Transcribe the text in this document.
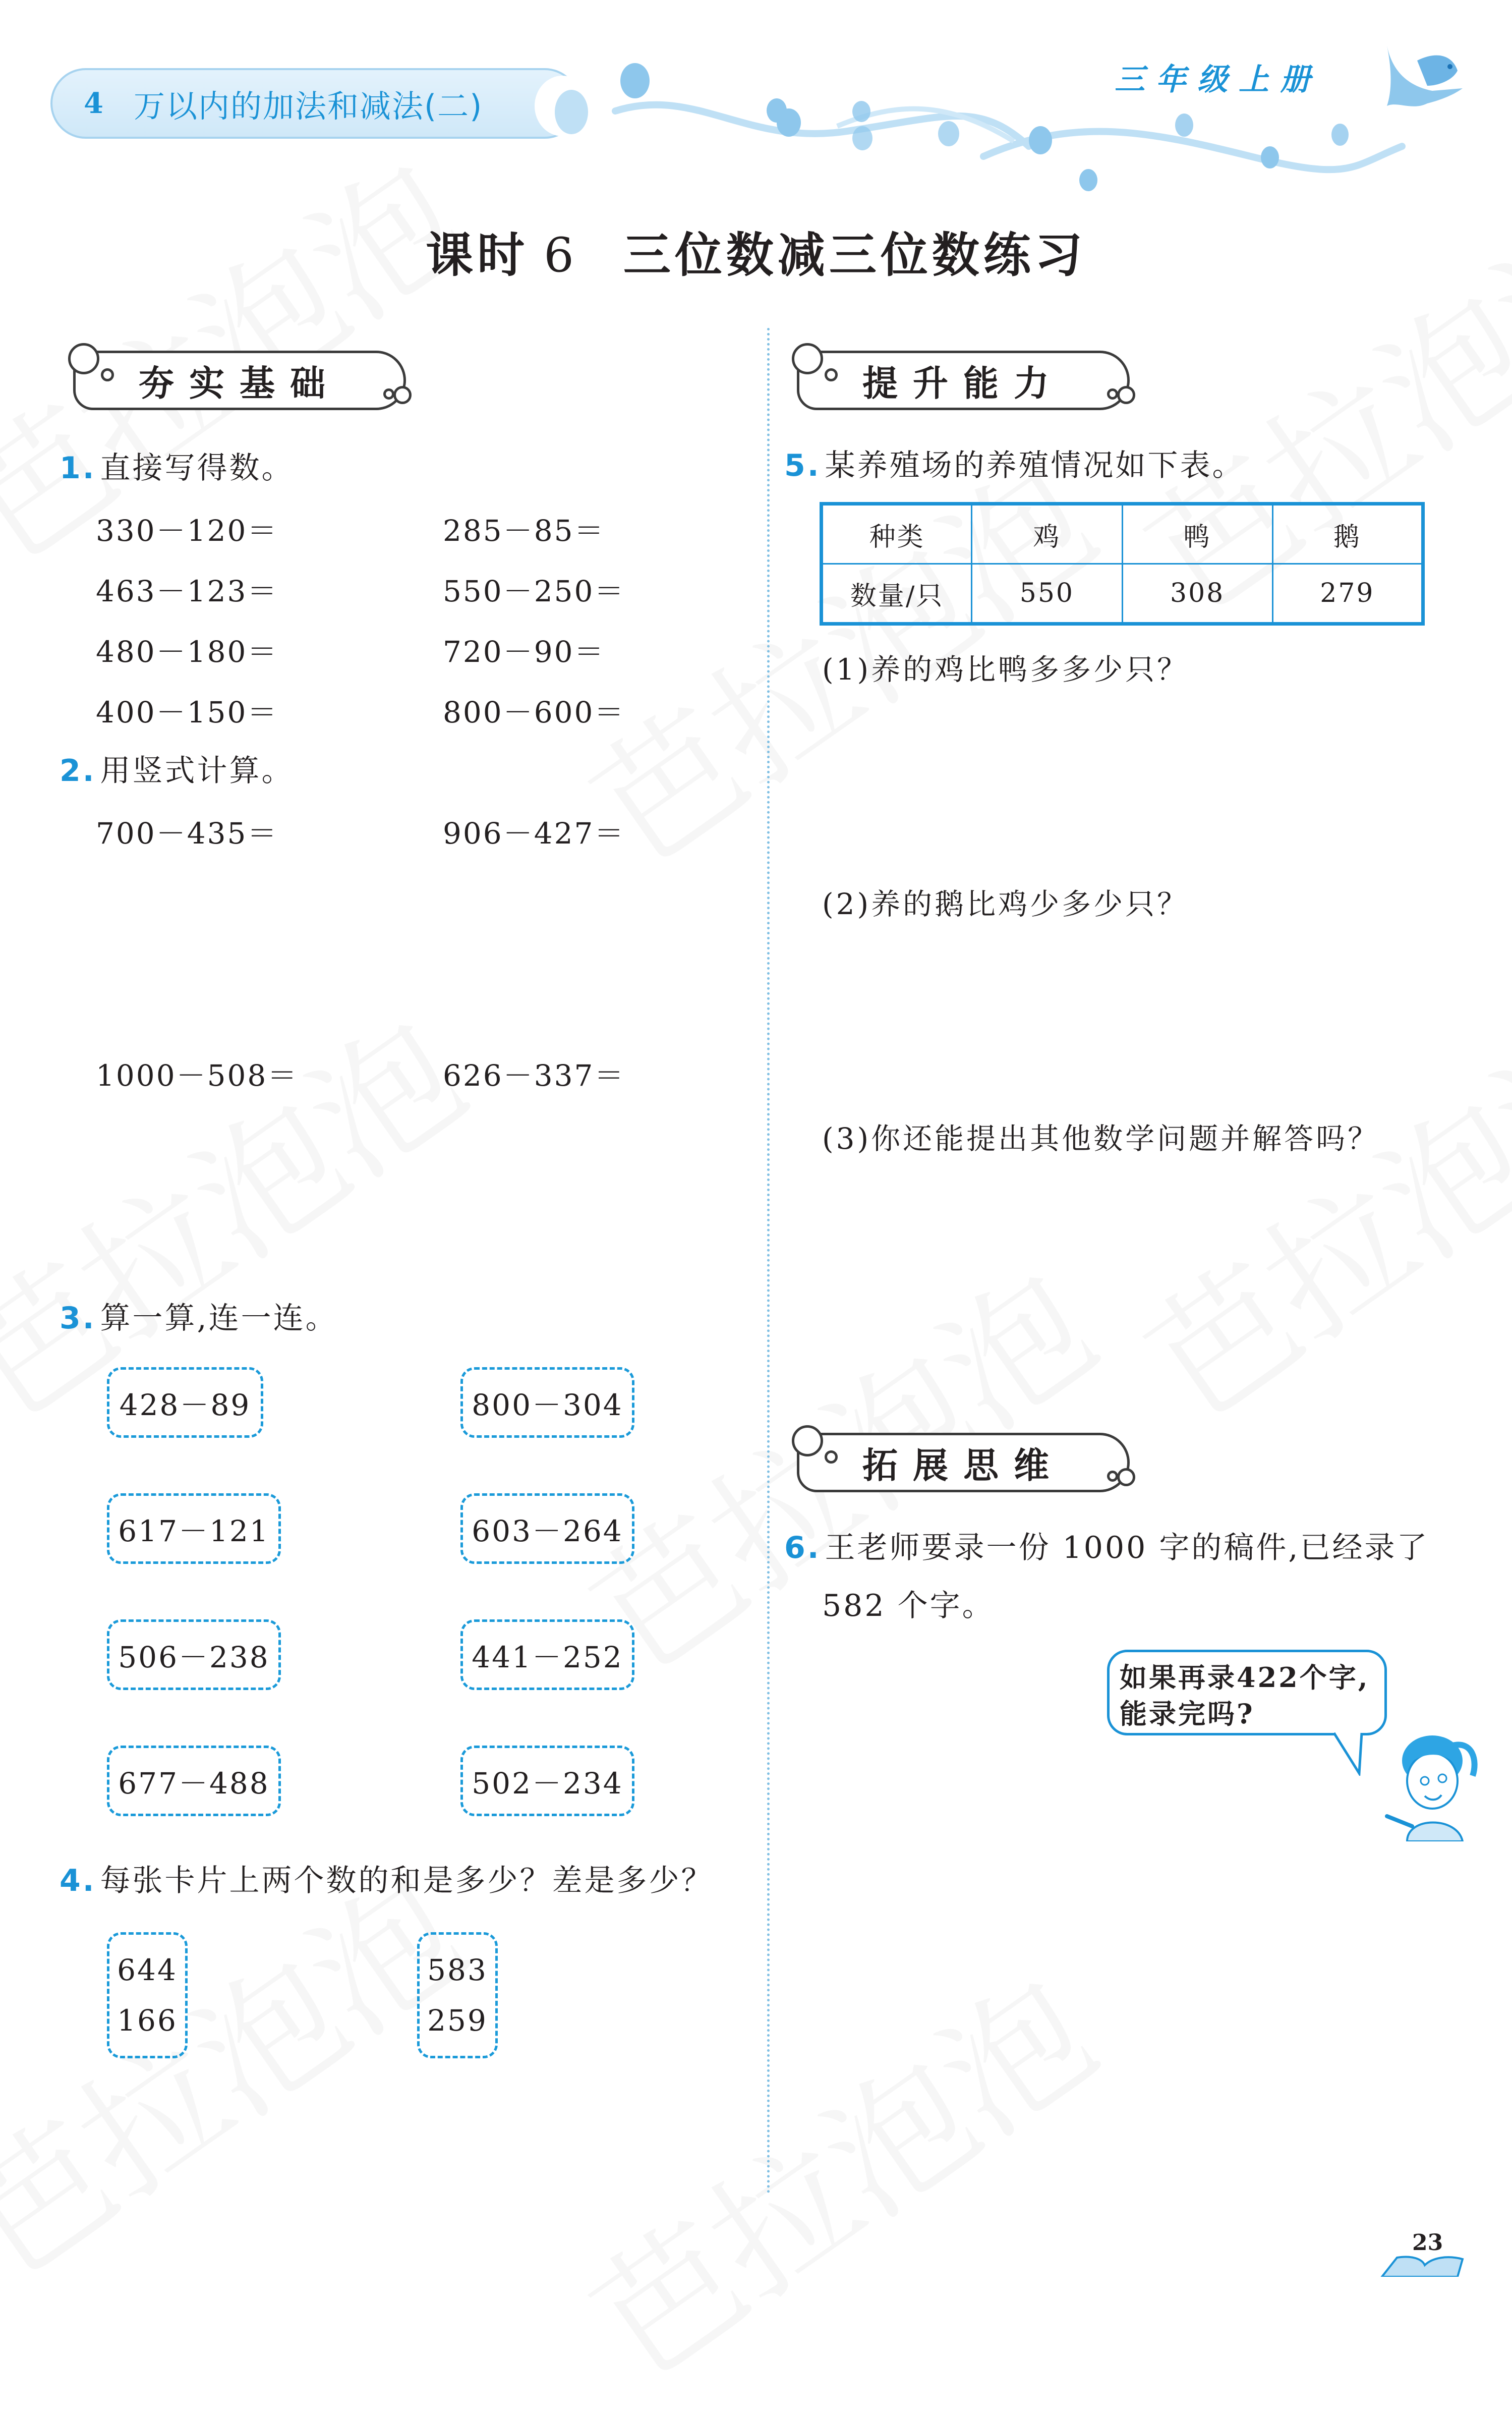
4 万以内的加法和减法(二)
三年级上册
课时 6 三位数减三位数练习
夯实基础
1. 直接写得数。
330－120＝	285－85＝
463－123＝	550－250＝
480－180＝	720－90＝
400－150＝	800－600＝
2. 用竖式计算。
700－435＝	906－427＝
1000－508＝	626－337＝
3. 算一算,连一连。
428－89
617－121
506－238
677－488
800－304
603－264
441－252
502－234
4. 每张卡片上两个数的和是多少？差是多少？
644
166
583
259
提升能力
5. 某养殖场的养殖情况如下表。
种类	鸡	鸭	鹅
数量/只	550	308	279
(1)养的鸡比鸭多多少只？
(2)养的鹅比鸡少多少只？
(3)你还能提出其他数学问题并解答吗？
拓展思维
6. 王老师要录一份 1000 字的稿件,已经录了
582 个字。
如果再录422个字,
能录完吗?
23
